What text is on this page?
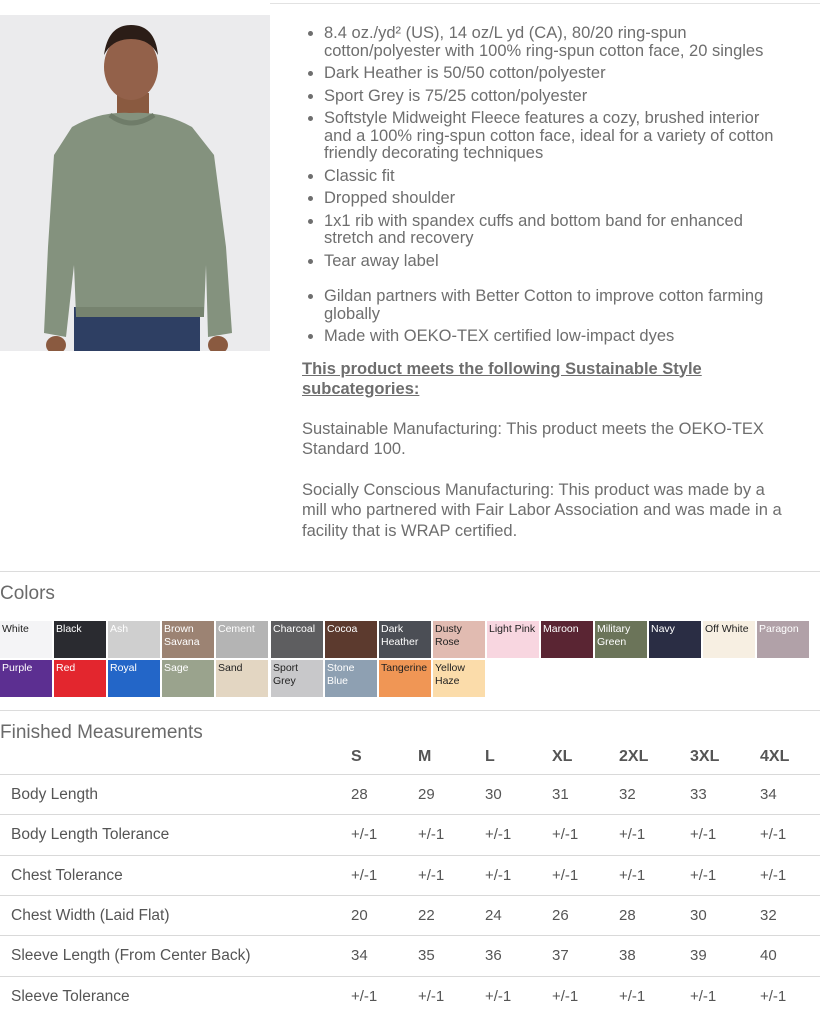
• 8.4 oz./yd² (US), 14 oz/L yd (CA), 80/20 ring-spun cotton/polyester with 100% ring-spun cotton face, 20 singles
• Dark Heather is 50/50 cotton/polyester
• Sport Grey is 75/25 cotton/polyester
• Softstyle Midweight Fleece features a cozy, brushed interior and a 100% ring-spun cotton face, ideal for a variety of cotton friendly decorating techniques
• Classic fit
• Dropped shoulder
• 1x1 rib with spandex cuffs and bottom band for enhanced stretch and recovery
• Tear away label
• Gildan partners with Better Cotton to improve cotton farming globally
• Made with OEKO-TEX certified low-impact dyes
This product meets the following Sustainable Style subcategories:
Sustainable Manufacturing: This product meets the OEKO-TEX Standard 100.
Socially Conscious Manufacturing: This product was made by a mill who partnered with Fair Labor Association and was made in a facility that is WRAP certified.
Colors
White	Black	Ash	Brown Savana
Cement	Charcoal	Cocoa	Dark Heather
Dusty Rose
Light Pink Maroon	Military Green
Navy	Off White Paragon
Purple	Red	Royal	Sage	Sand	Sport Grey
Stone Blue
Tangerine Yellow Haze
Finished Measurements
S	M	L	XL	2XL	3XL	4XL
Body Length	28	29	30	31	32	33	34
Body Length Tolerance	+/-1	+/-1	+/-1	+/-1	+/-1	+/-1	+/-1
Chest Tolerance	+/-1	+/-1	+/-1	+/-1	+/-1	+/-1	+/-1
Chest Width (Laid Flat)	20	22	24	26	28	30	32
Sleeve Length (From Center Back)	34	35	36	37	38	39	40
Sleeve Tolerance	+/-1	+/-1	+/-1	+/-1	+/-1	+/-1	+/-1
